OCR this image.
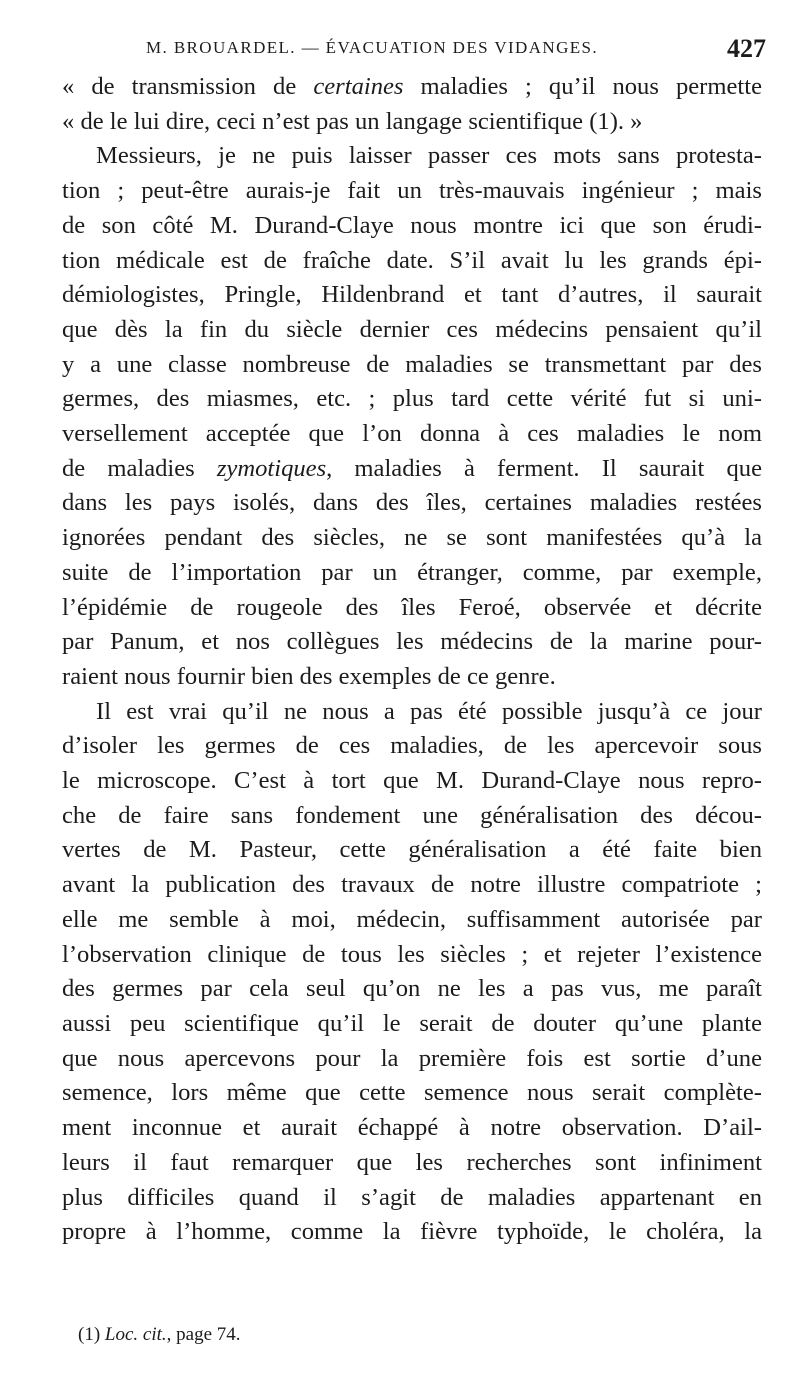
M. BROUARDEL. — ÉVACUATION DES VIDANGES.	427
« de transmission de certaines maladies ; qu’il nous permette
« de le lui dire, ceci n’est pas un langage scientifique (1). »
Messieurs, je ne puis laisser passer ces mots sans protesta-
tion ; peut-être aurais-je fait un très-mauvais ingénieur ; mais
de son côté M. Durand-Claye nous montre ici que son érudi-
tion médicale est de fraîche date. S’il avait lu les grands épi-
démiologistes, Pringle, Hildenbrand et tant d’autres, il saurait
que dès la fin du siècle dernier ces médecins pensaient qu’il
y a une classe nombreuse de maladies se transmettant par des
germes, des miasmes, etc. ; plus tard cette vérité fut si uni-
versellement acceptée que l’on donna à ces maladies le nom
de maladies zymotiques, maladies à ferment. Il saurait que
dans les pays isolés, dans des îles, certaines maladies restées
ignorées pendant des siècles, ne se sont manifestées qu’à la
suite de l’importation par un étranger, comme, par exemple,
l’épidémie de rougeole des îles Feroé, observée et décrite
par Panum, et nos collègues les médecins de la marine pour-
raient nous fournir bien des exemples de ce genre.
Il est vrai qu’il ne nous a pas été possible jusqu’à ce jour
d’isoler les germes de ces maladies, de les apercevoir sous
le microscope. C’est à tort que M. Durand-Claye nous repro-
che de faire sans fondement une généralisation des décou-
vertes de M. Pasteur, cette généralisation a été faite bien
avant la publication des travaux de notre illustre compatriote ;
elle me semble à moi, médecin, suffisamment autorisée par
l’observation clinique de tous les siècles ; et rejeter l’existence
des germes par cela seul qu’on ne les a pas vus, me paraît
aussi peu scientifique qu’il le serait de douter qu’une plante
que nous apercevons pour la première fois est sortie d’une
semence, lors même que cette semence nous serait complète-
ment inconnue et aurait échappé à notre observation. D’ail-
leurs il faut remarquer que les recherches sont infiniment
plus difficiles quand il s’agit de maladies appartenant en
propre à l’homme, comme la fièvre typhoïde, le choléra, la
(1) Loc. cit., page 74.
